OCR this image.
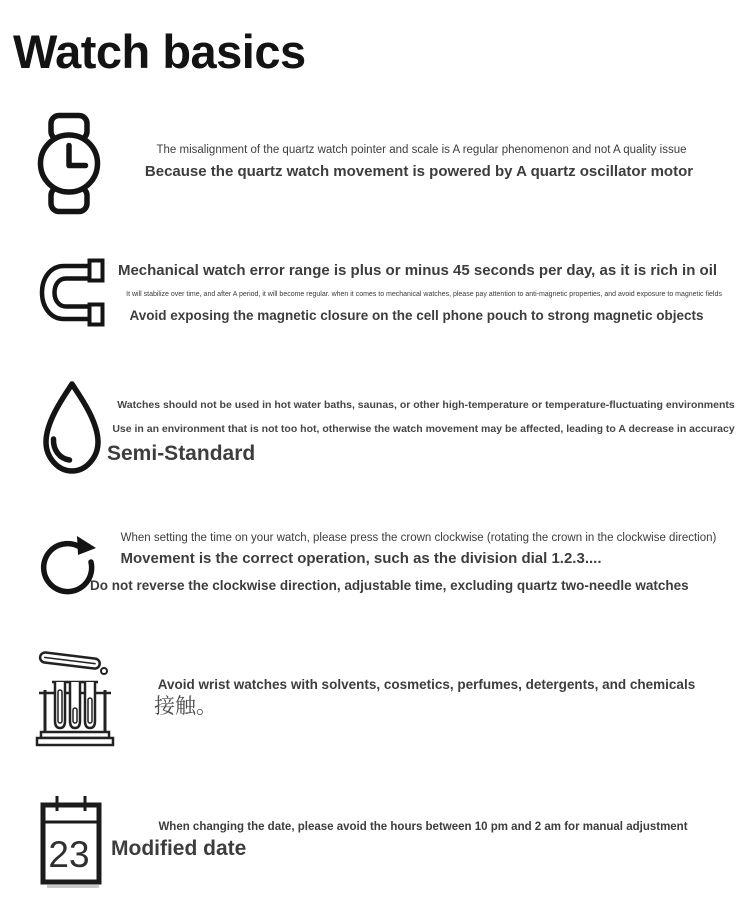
Watch basics
The misalignment of the quartz watch pointer and scale is A regular phenomenon and not A quality issue
Because the quartz watch movement is powered by A quartz oscillator motor
Mechanical watch error range is plus or minus 45 seconds per day, as it is rich in oil
It will stabilize over time, and after A period, it will become regular. when it comes to mechanical watches, please pay attention to anti-magnetic properties, and avoid exposure to magnetic fields
Avoid exposing the magnetic closure on the cell phone pouch to strong magnetic objects
Watches should not be used in hot water baths, saunas, or other high-temperature or temperature-fluctuating environments
Use in an environment that is not too hot, otherwise the watch movement may be affected, leading to A decrease in accuracy
Semi-Standard
When setting the time on your watch, please press the crown clockwise (rotating the crown in the clockwise direction)
Movement is the correct operation, such as the division dial 1.2.3....
Do not reverse the clockwise direction, adjustable time, excluding quartz two-needle watches
Avoid wrist watches with solvents, cosmetics, perfumes, detergents, and chemicals
接触。
23
When changing the date, please avoid the hours between 10 pm and 2 am for manual adjustment
Modified date
